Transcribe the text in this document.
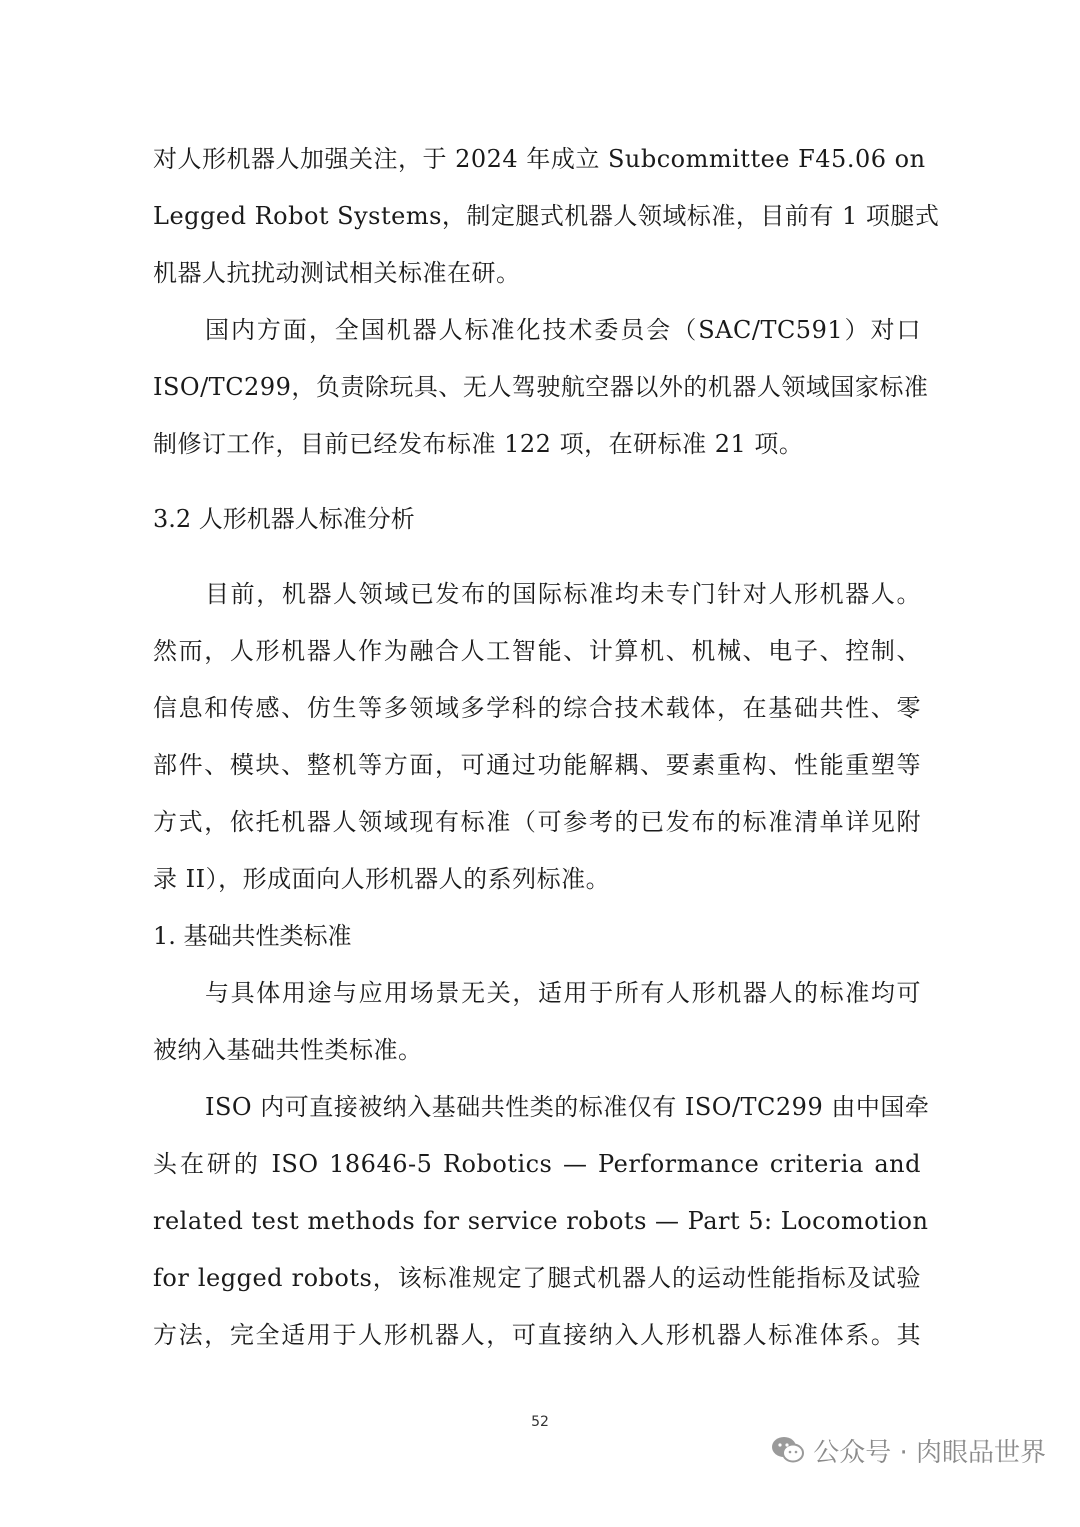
对人形机器人加强关注，于 2024 年成立 Subcommittee F45.06 on
Legged Robot Systems，制定腿式机器人领域标准，目前有 1 项腿式
机器人抗扰动测试相关标准在研。
国内方面，全国机器人标准化技术委员会（SAC/TC591）对口
ISO/TC299，负责除玩具、无人驾驶航空器以外的机器人领域国家标准
制修订工作，目前已经发布标准 122 项，在研标准 21 项。
3.2 人形机器人标准分析
目前，机器人领域已发布的国际标准均未专门针对人形机器人。
然而，人形机器人作为融合人工智能、计算机、机械、电子、控制、
信息和传感、仿生等多领域多学科的综合技术载体，在基础共性、零
部件、模块、整机等方面，可通过功能解耦、要素重构、性能重塑等
方式，依托机器人领域现有标准（可参考的已发布的标准清单详见附
录 II），形成面向人形机器人的系列标准。
1. 基础共性类标准
与具体用途与应用场景无关，适用于所有人形机器人的标准均可
被纳入基础共性类标准。
ISO 内可直接被纳入基础共性类的标准仅有 ISO/TC299 由中国牵
头在研的 ISO 18646-5 Robotics — Performance criteria and
related test methods for service robots — Part 5: Locomotion
for legged robots，该标准规定了腿式机器人的运动性能指标及试验
方法，完全适用于人形机器人，可直接纳入人形机器人标准体系。其
52
公众号 · 肉眼品世界
